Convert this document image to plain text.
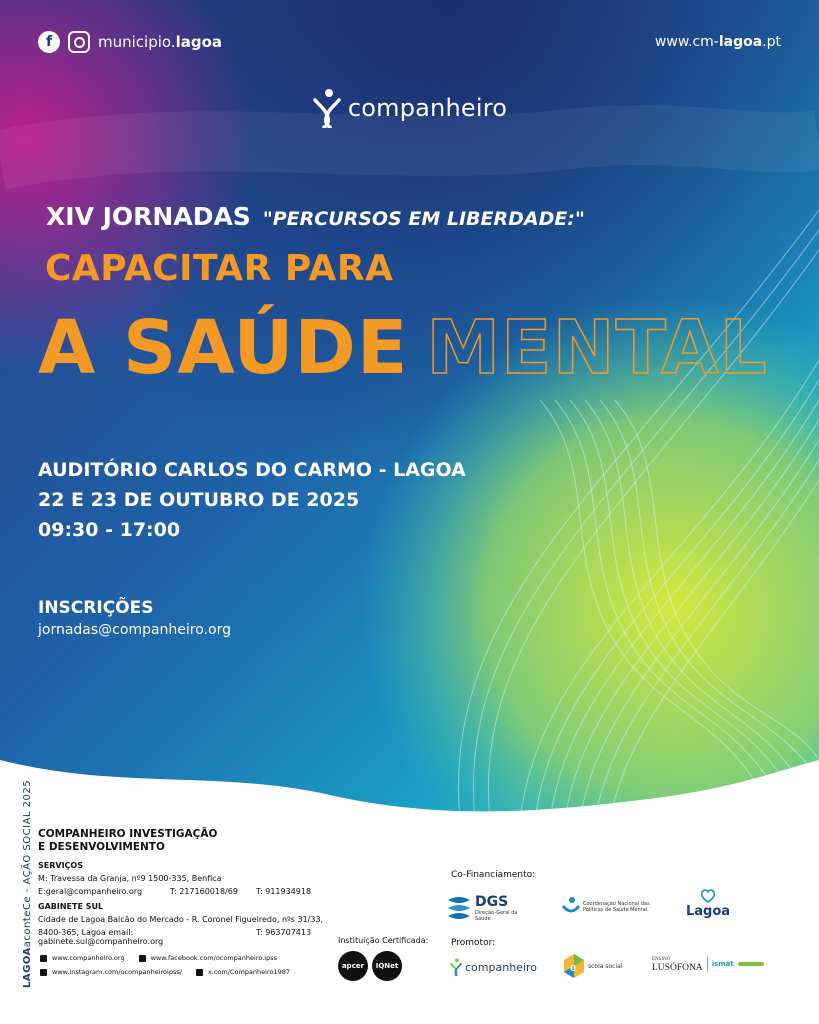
f	municipio.lagoa	www.cm-lagoa.pt
companheiro
XIV JORNADAS "PERCURSOS EM LIBERDADE:"
CAPACITAR PARA
A SAÚDE MENTAL
AUDITÓRIO CARLOS DO CARMO - LAGOA
22 E 23 DE OUTUBRO DE 2025
09:30 - 17:00
INSCRIÇÕES
jornadas@companheiro.org
LAGOAaconteCe - AÇÃO SOCIAL 2025 COMPANHEIRO INVESTIGAÇÃO
E DESENVOLVIMENTO
SERVIÇOS
M: Travessa da Granja, nº9 1500-335, Benfica
E:geral@companheiro.org	T: 217160018/69	T: 911934918
GABINETE SUL
Cidade de Lagoa Balcão do Mercado - R. Coronel Figueiredo, nºs 31/33,
8400-365, Lagoa email: gabinete.sul@companheiro.org
T: 963707413
www.companheiro.org	www.facebook.com/ocompanheiro.ipss
www.instagram.com/ocompanheiroipss/	x.com/Companheiro1987
Instituição Certificada:
apcer	IQNet
Co-Financiamento:
DGS
Direção-Geral da Saúde
Coordenação Nacional das Políticas de Saúde Mental	Lagoa
Promotor:
companheiro	e scola social
ENSINO
LUSÓFONA ismat
